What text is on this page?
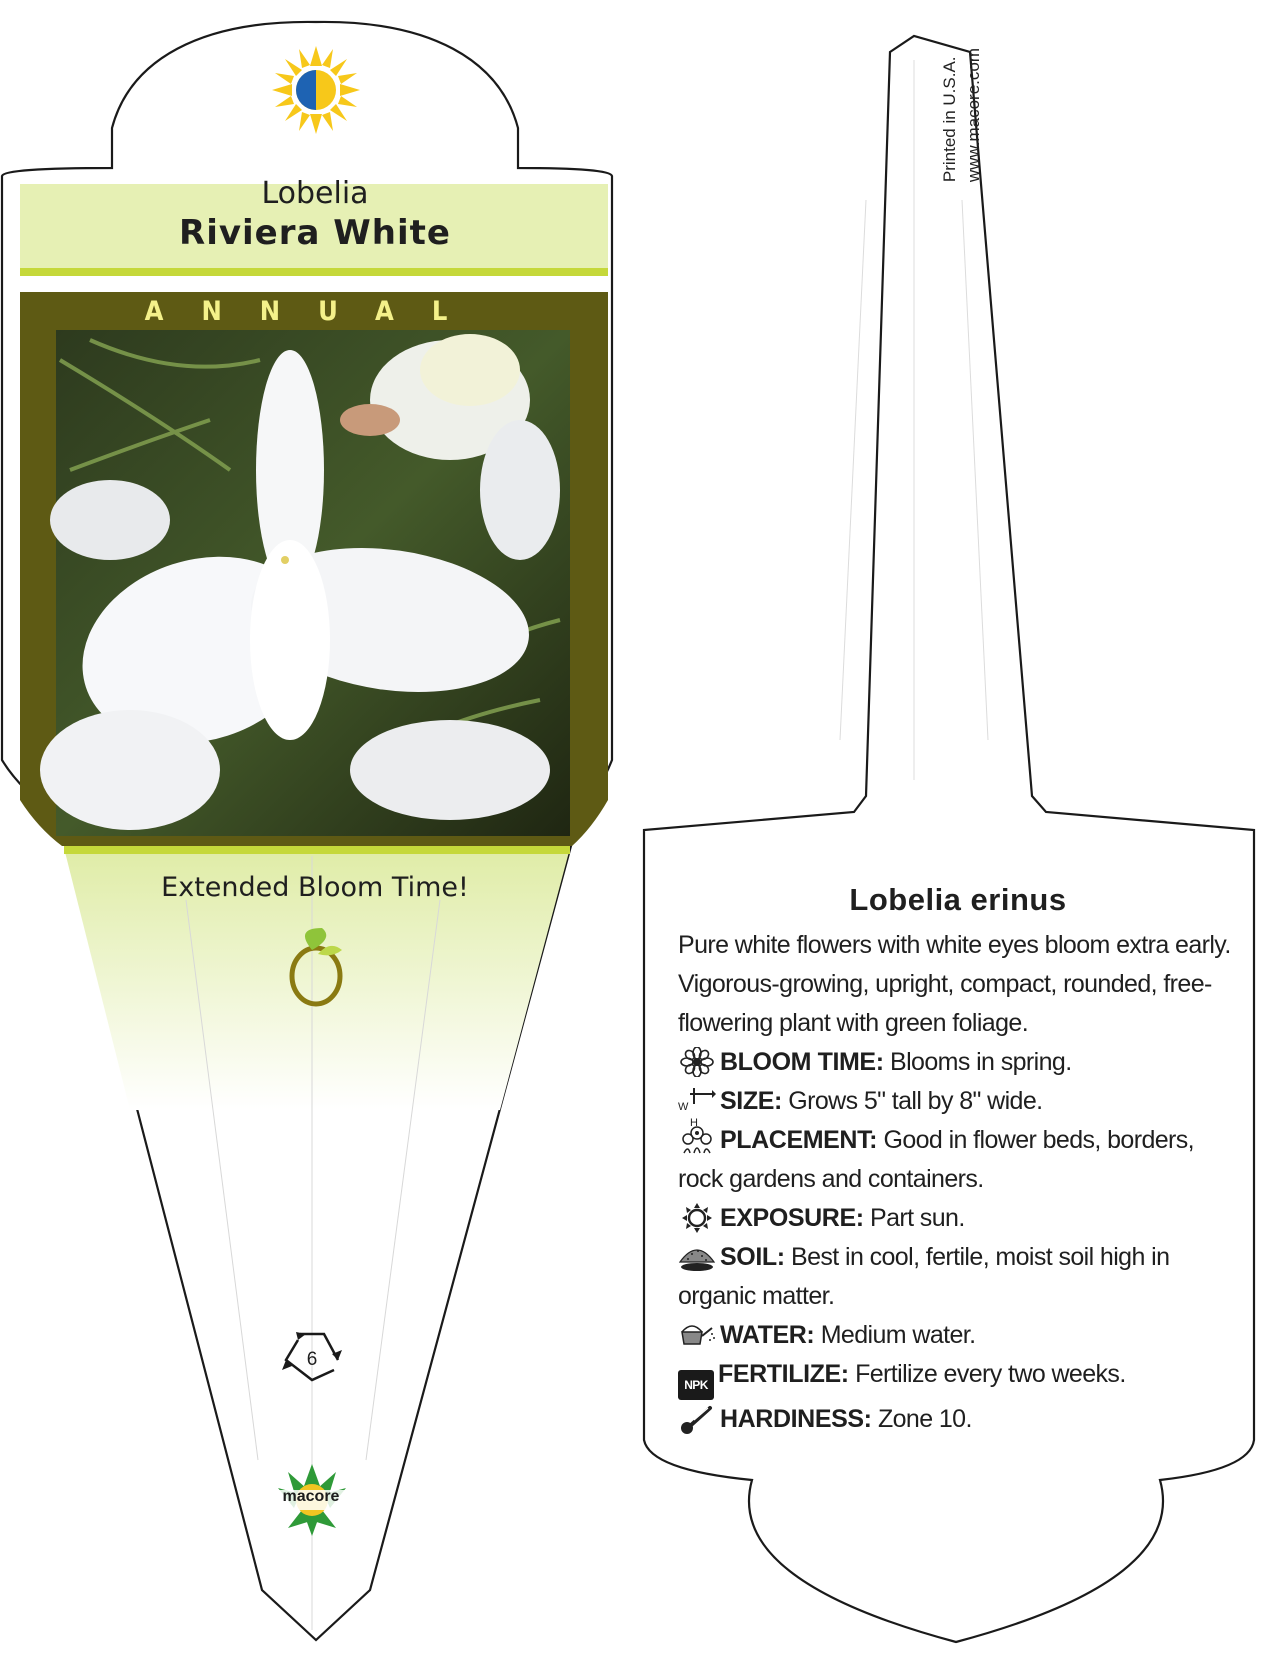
Lobelia
Riviera White
ANNUAL
Extended Bloom Time!
6
macore
Printed in U.S.A. www.macore.com
Lobelia erinus
Pure white flowers with white eyes bloom extra early. Vigorous-growing, upright, compact, rounded, free-flowering plant with green foliage.
BLOOM TIME: Blooms in spring.
W
H
SIZE: Grows 5" tall by 8" wide.
PLACEMENT: Good in flower beds, borders, rock gardens and containers.
EXPOSURE: Part sun.
SOIL: Best in cool, fertile, moist soil high in organic matter.
WATER: Medium water.
NPK FERTILIZE: Fertilize every two weeks.
HARDINESS: Zone 10.
